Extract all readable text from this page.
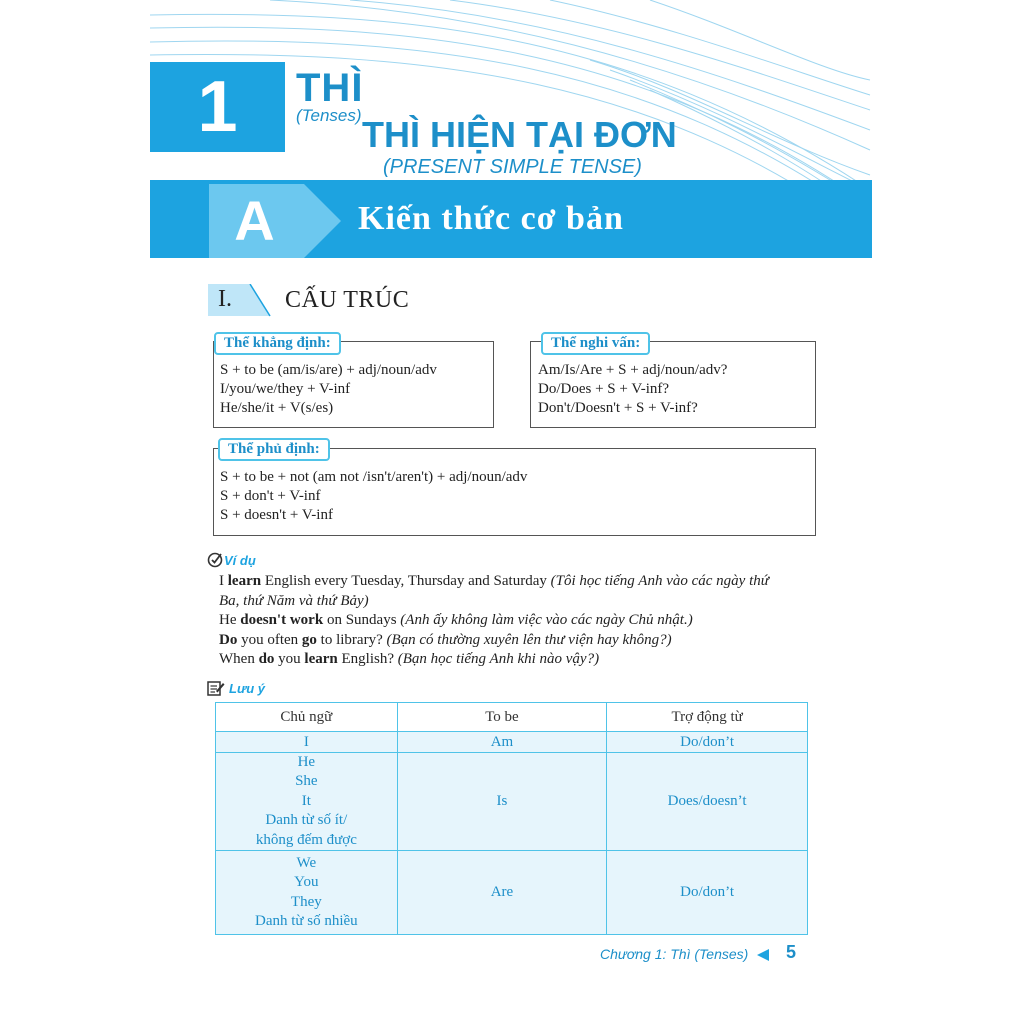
1	THÌ
(Tenses) THÌ HIỆN TẠI ĐƠN
(PRESENT SIMPLE TENSE)
A	Kiến thức cơ bản
I. CẤU TRÚC
S + to be (am/is/are) + adj/noun/adv
I/you/we/they + V-inf
He/she/it + V(s/es)
Thể khẳng định:
Am/Is/Are + S + adj/noun/adv?
Do/Does + S + V-inf?
Don't/Doesn't + S + V-inf?
Thể nghi vấn:
S + to be + not (am not /isn't/aren't) + adj/noun/adv
S + don't + V-inf
S + doesn't + V-inf
Thể phủ định:
Ví dụ
I learn English every Tuesday, Thursday and Saturday (Tôi học tiếng Anh vào các ngày thứ
Ba, thứ Năm và thứ Bảy)
He doesn't work on Sundays (Anh ấy không làm việc vào các ngày Chủ nhật.)
Do you often go to library? (Bạn có thường xuyên lên thư viện hay không?)
When do you learn English? (Bạn học tiếng Anh khi nào vậy?)
Lưu ý
Chủ ngữ	To be	Trợ động từ

I	Am	Do/don’t

He
She
It
Danh từ số ít/
không đếm được	Is	Does/doesn’t

We
You
They
Danh từ số nhiều	Are	Do/don’t
Chương 1: Thì (Tenses) 5
